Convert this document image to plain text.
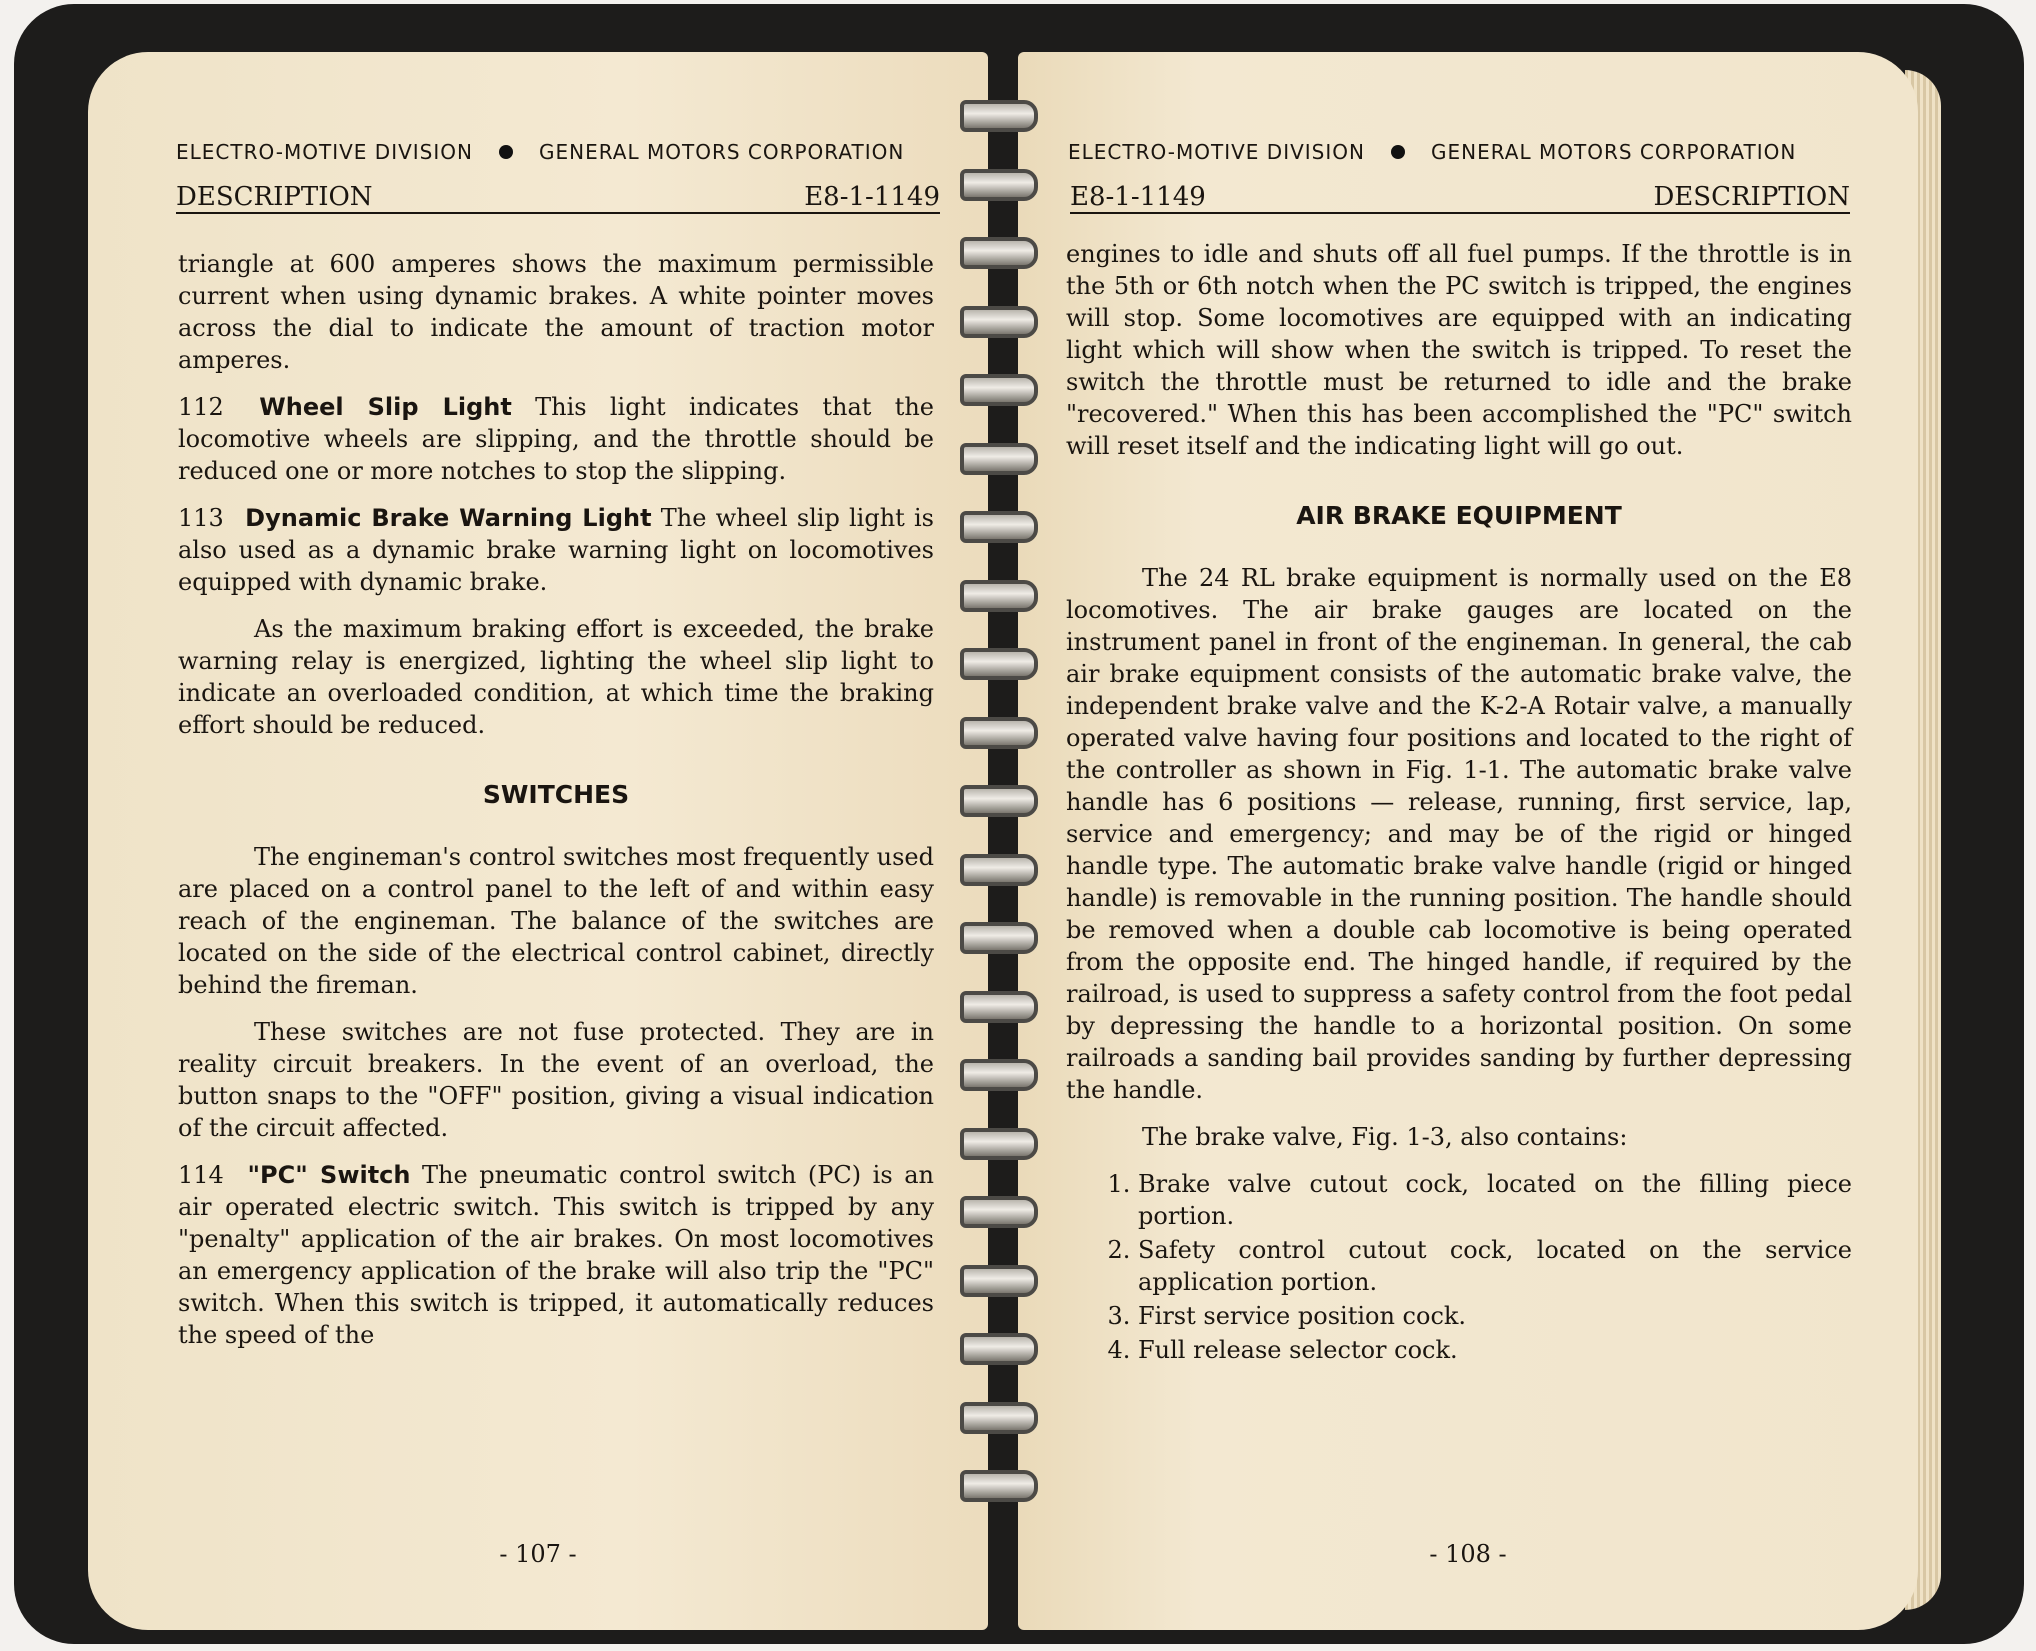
ELECTRO-MOTIVE DIVISION	GENERAL MOTORS CORPORATION
DESCRIPTION	E8-1-1149

triangle at 600 amperes shows the maximum permissible current when using dynamic brakes. A white pointer moves across the dial to indicate the amount of traction motor amperes.

112 Wheel Slip Light This light indicates that the locomotive wheels are slipping, and the throttle should be reduced one or more notches to stop the slipping.

113 Dynamic Brake Warning Light The wheel slip light is also used as a dynamic brake warning light on locomotives equipped with dynamic brake.

As the maximum braking effort is exceeded, the brake warning relay is energized, lighting the wheel slip light to indicate an overloaded condition, at which time the braking effort should be reduced.

SWITCHES

The engineman's control switches most frequently used are placed on a control panel to the left of and within easy reach of the engineman. The balance of the switches are located on the side of the electrical control cabinet, directly behind the fireman.

These switches are not fuse protected. They are in reality circuit breakers. In the event of an overload, the button snaps to the "OFF" position, giving a visual indication of the circuit affected.

114 "PC" Switch The pneumatic control switch (PC) is an air operated electric switch. This switch is tripped by any "penalty" application of the air brakes. On most locomotives an emergency application of the brake will also trip the "PC" switch. When this switch is tripped, it automatically reduces the speed of the

- 107 -
ELECTRO-MOTIVE DIVISION	GENERAL MOTORS CORPORATION
E8-1-1149	DESCRIPTION

engines to idle and shuts off all fuel pumps. If the throttle is in the 5th or 6th notch when the PC switch is tripped, the engines will stop. Some locomotives are equipped with an indicating light which will show when the switch is tripped. To reset the switch the throttle must be returned to idle and the brake "recovered." When this has been accomplished the "PC" switch will reset itself and the indicating light will go out.

AIR BRAKE EQUIPMENT

The 24 RL brake equipment is normally used on the E8 locomotives. The air brake gauges are located on the instrument panel in front of the engineman. In general, the cab air brake equipment consists of the automatic brake valve, the independent brake valve and the K-2-A Rotair valve, a manually operated valve having four positions and located to the right of the controller as shown in Fig. 1-1. The automatic brake valve handle has 6 positions — release, running, first service, lap, service and emergency; and may be of the rigid or hinged handle type. The automatic brake valve handle (rigid or hinged handle) is removable in the running position. The handle should be removed when a double cab locomotive is being operated from the opposite end. The hinged handle, if required by the railroad, is used to suppress a safety control from the foot pedal by depressing the handle to a horizontal position. On some railroads a sanding bail provides sanding by further depressing the handle.

The brake valve, Fig. 1-3, also contains:

1. Brake valve cutout cock, located on the filling piece portion.
2. Safety control cutout cock, located on the service application portion.
3. First service position cock.
4. Full release selector cock.
- 108 -
